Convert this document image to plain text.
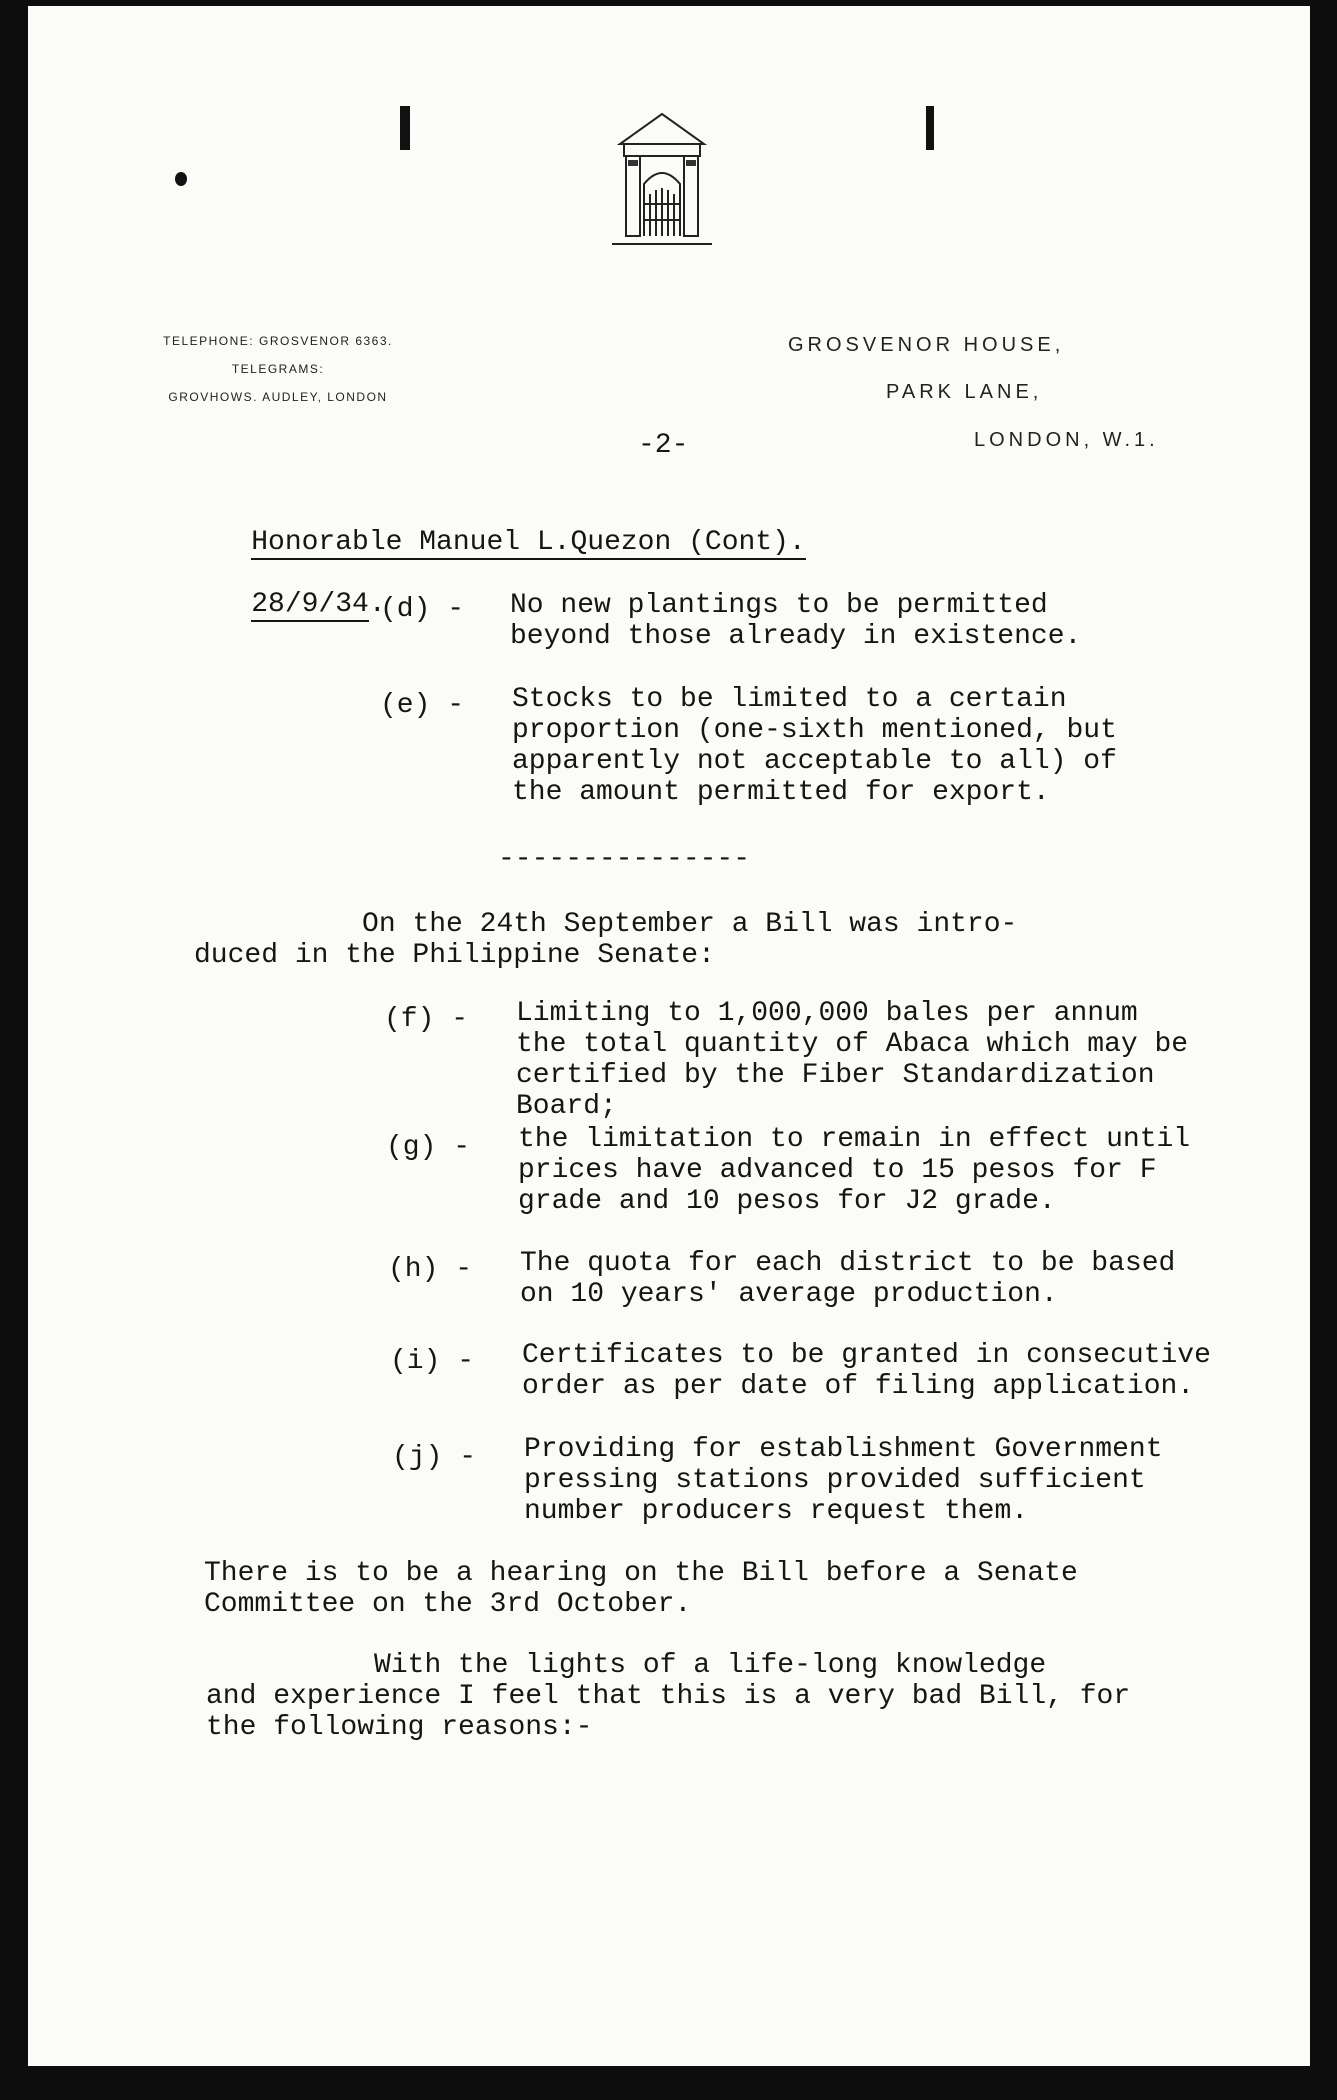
TELEPHONE: GROSVENOR 6363.
TELEGRAMS:
GROVHOWS. AUDLEY, LONDON
GROSVENOR HOUSE,
PARK LANE,
LONDON, W.1.
-2-

Honorable Manuel L.Quezon (Cont).

28/9/34.

(d) -	No new plantings to be permitted
beyond those already in existence.
(e) -	Stocks to be limited to a certain
proportion (one-sixth mentioned, but
apparently not acceptable to all) of
the amount permitted for export.
---------------
On the 24th September a Bill was intro-
duced in the Philippine Senate:
(f) -	Limiting to 1,000,000 bales per annum
the total quantity of Abaca which may be
certified by the Fiber Standardization
Board;
(g) -	the limitation to remain in effect until
prices have advanced to 15 pesos for F
grade and 10 pesos for J2 grade.
(h) -	The quota for each district to be based
on 10 years' average production.
(i) -	Certificates to be granted in consecutive
order as per date of filing application.
(j) -	Providing for establishment Government
pressing stations provided sufficient
number producers request them.
There is to be a hearing on the Bill before a Senate
Committee on the 3rd October.
With the lights of a life-long knowledge
and experience I feel that this is a very bad Bill, for
the following reasons:-
